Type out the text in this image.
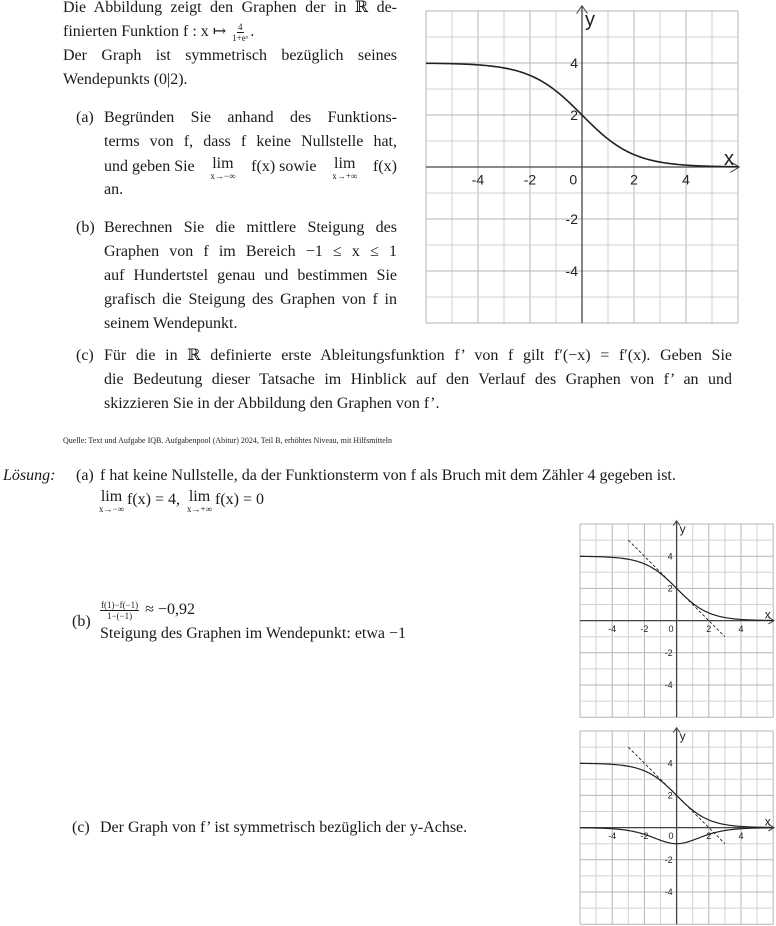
Die Abbildung zeigt den Graphen der in ℝ de-
finierten Funktion f : x ↦ $\frac{4}{\text{1+eˣ}}$ .
Der Graph ist symmetrisch bezüglich seines
Wendepunkts (0|2).
(a) Begründen Sie anhand des Funktions-
terms von f, dass f keine Nullstelle hat,
und geben Sie lim
x→−∞
f(x) sowie lim
x→+∞
f(x)
an.
(b) Berechnen Sie die mittlere Steigung des
Graphen von f im Bereich −1 ≤ x ≤ 1
auf Hundertstel genau und bestimmen Sie
grafisch die Steigung des Graphen von f in
seinem Wendepunkt.
(c) Für die in ℝ definierte erste Ableitungsfunktion f’ von f gilt f′(−x) = f′(x). Geben Sie
die Bedeutung dieser Tatsache im Hinblick auf den Verlauf des Graphen von f’ an und
skizzieren Sie in der Abbildung den Graphen von f’.
Quelle: Text und Aufgabe IQB. Aufgabenpool (Abitur) 2024, Teil B, erhöhtes Niveau, mit Hilfsmitteln
Lösung: (a) f hat keine Nullstelle, da der Funktionsterm von f als Bruch mit dem Zähler 4 gegeben ist.
lim
x→−∞
f(x) = 4, lim
x→+∞
f(x) = 0
(b)
$\frac{f(1)-f(-1)}{1-(-1)} \approx -0,92$
Steigung des Graphen im Wendepunkt: etwa −1
(c) Der Graph von f’ ist symmetrisch bezüglich der y-Achse.
x
y
-4	-2 0	2	4
4
2
-2
-4
x
y
-4	-2 0	2	4
4
2
-2
-4
x
y
-4	-2 0	2	4
4
2
-2
-4
